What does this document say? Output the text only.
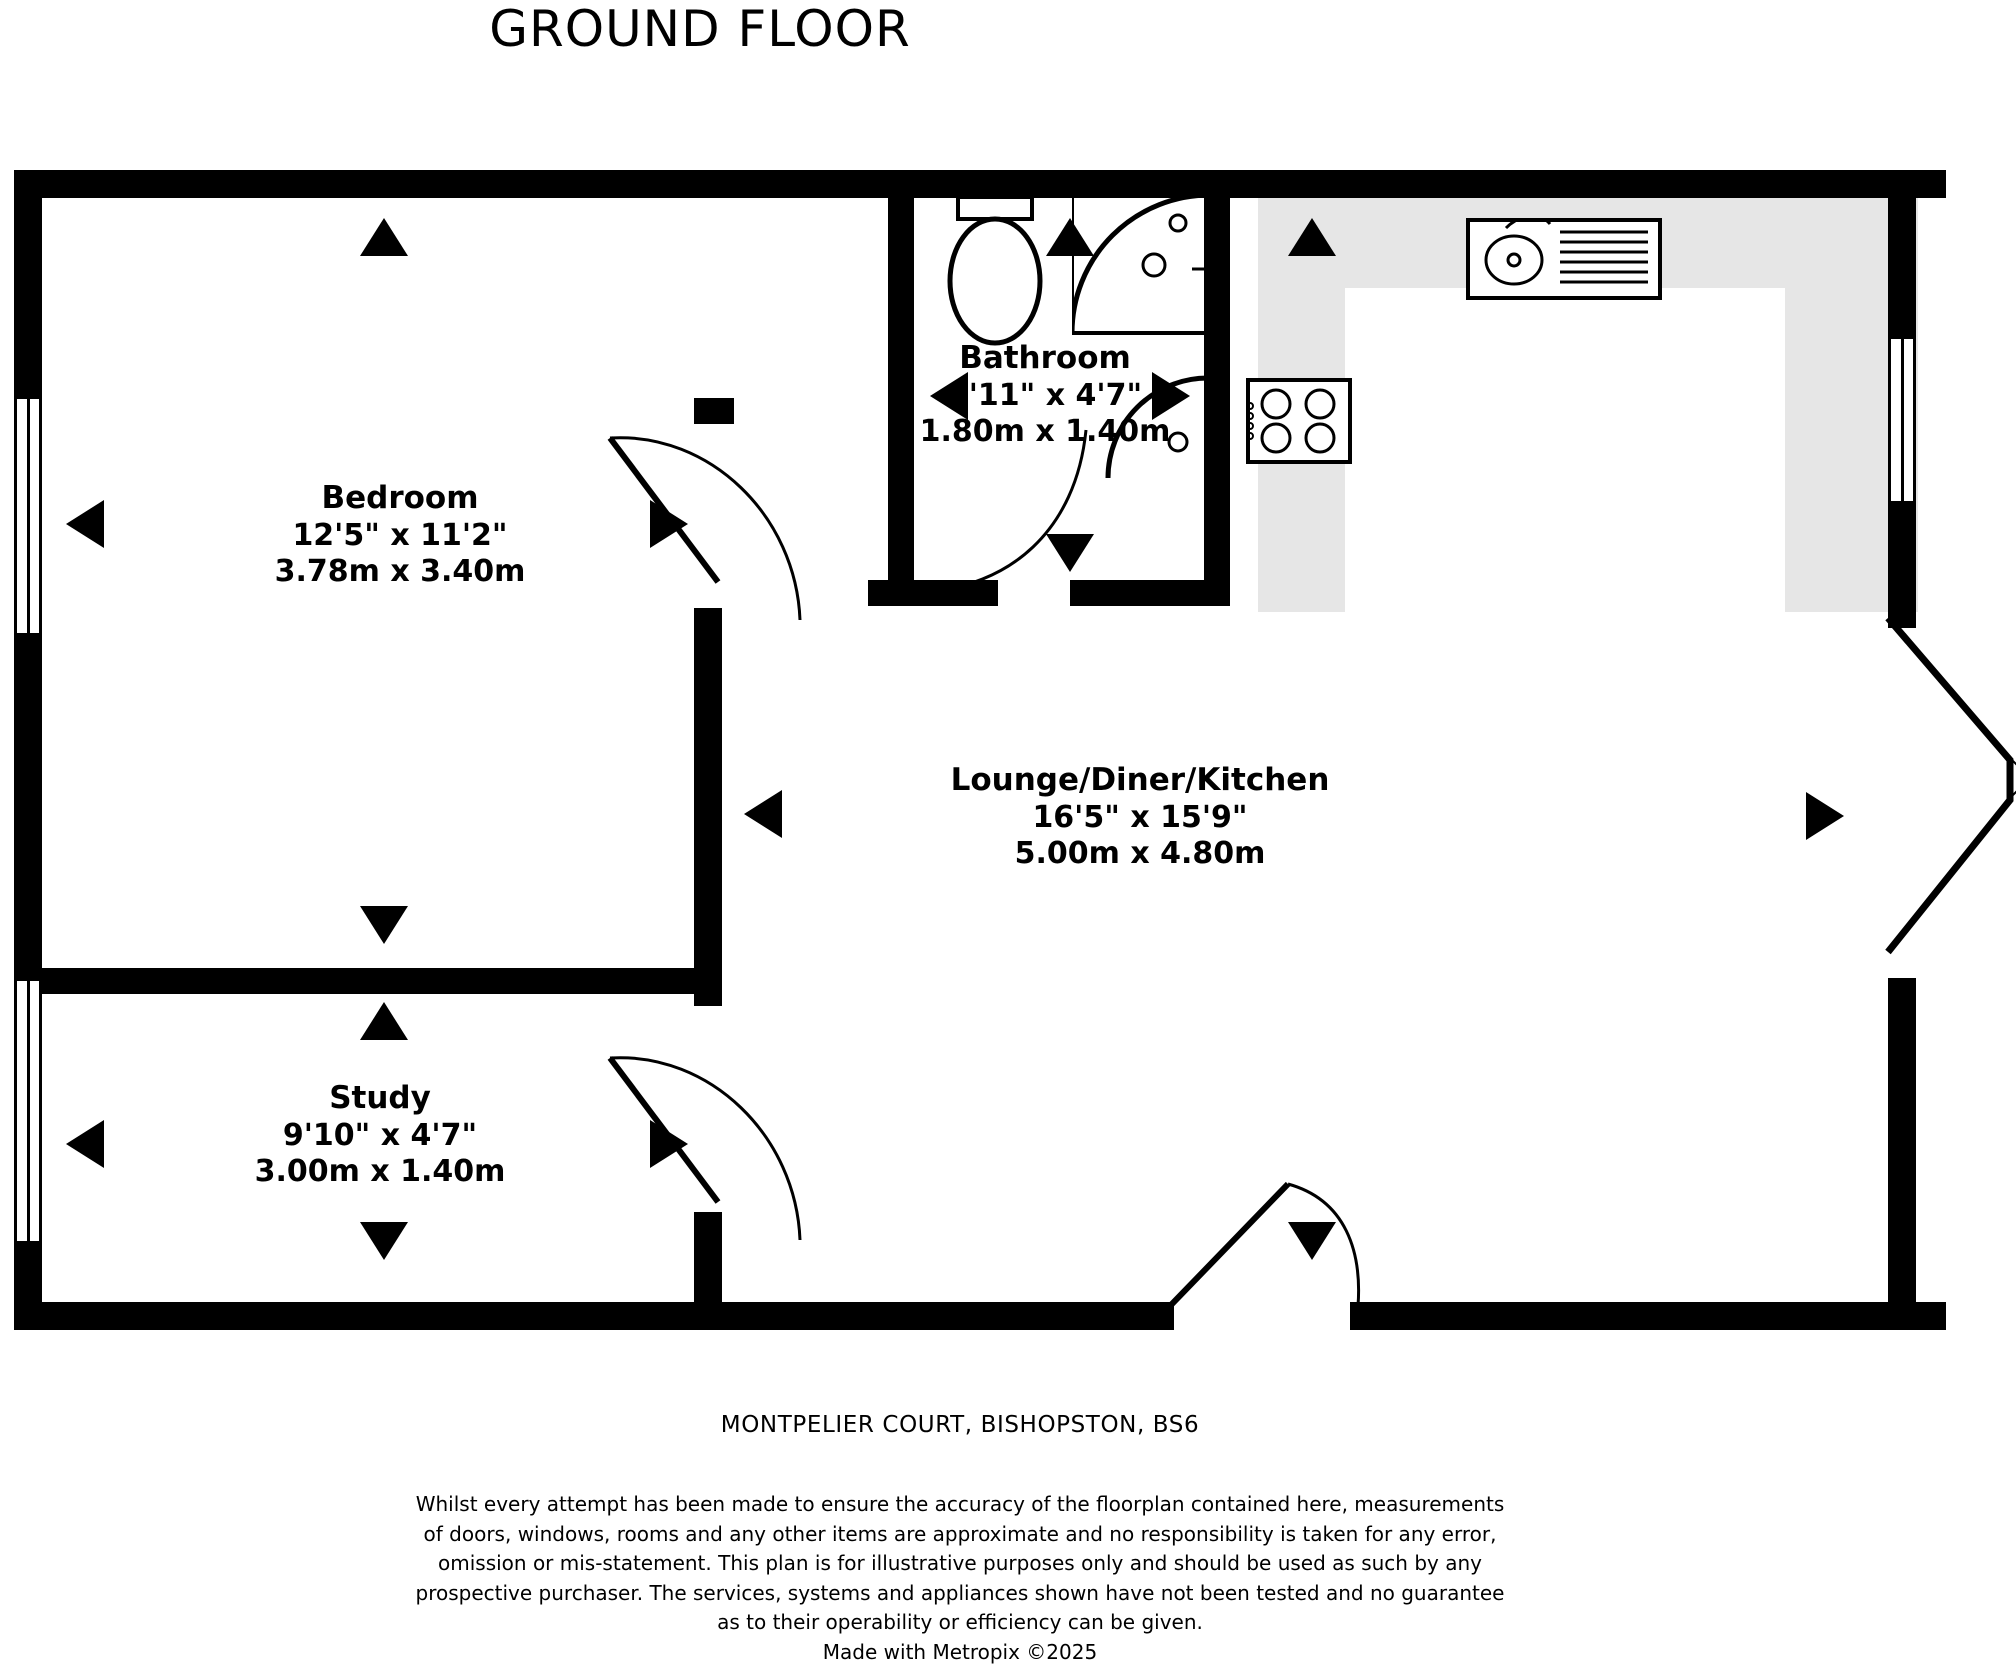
GROUND FLOOR
Bedroom
12'5" x 11'2"
3.78m x 3.40m
Bathroom
5'11" x 4'7"
1.80m x 1.40m
Lounge/Diner/Kitchen
16'5" x 15'9"
5.00m x 4.80m
Study
9'10" x 4'7"
3.00m x 1.40m
MONTPELIER COURT, BISHOPSTON, BS6
Whilst every attempt has been made to ensure the accuracy of the floorplan contained here, measurements
of doors, windows, rooms and any other items are approximate and no responsibility is taken for any error,
omission or mis-statement. This plan is for illustrative purposes only and should be used as such by any
prospective purchaser. The services, systems and appliances shown have not been tested and no guarantee
as to their operability or efficiency can be given.
Made with Metropix ©2025
